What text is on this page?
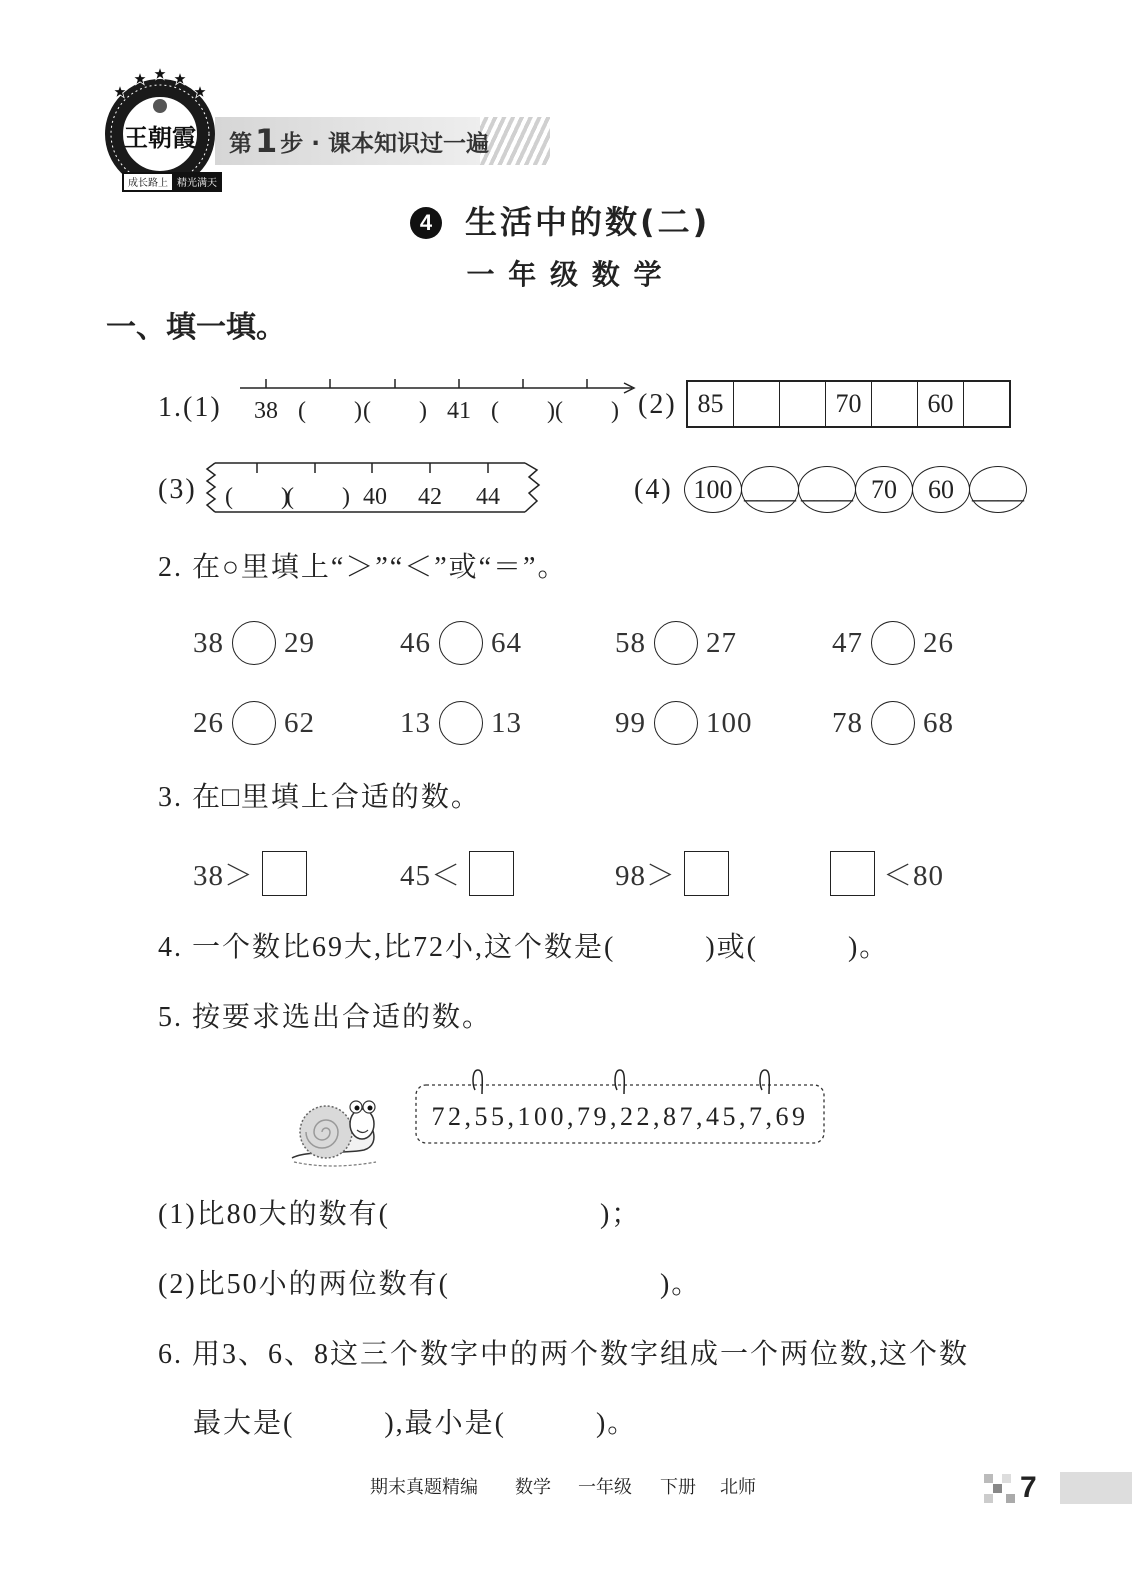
第 1 步 · 课本知识过一遍
王朝霞
成长路上 精光满天
4	生活中的数(二)
一 年 级 数 学
一、填一填。
1.(1)	38 (　　) (　　) 41 (　　) (　　) (2) 85	70	60
(3)	(　　)
(　　) 40	42	44	(4) 100 ____ ____ 70	60 ____
2. 在○里填上“＞”“＜”或“＝”。
38 29	46 64	58 27	47 26
26 62	13 13	99 100	78 68
3. 在□里填上合适的数。
38＞	45＜	98＞	＜80
4. 一个数比69大,比72小,这个数是(　　　)或(　　　)。
5. 按要求选出合适的数。
72,55,100,79,22,87,45,7,69
(1)比80大的数有(　　　　　　　)；
(2)比50小的两位数有(　　　　　　　)。
6. 用3、6、8这三个数字中的两个数字组成一个两位数,这个数
最大是(　　　),最小是(　　　)。
期末真题精编 数学 一年级 下册 北师	7
